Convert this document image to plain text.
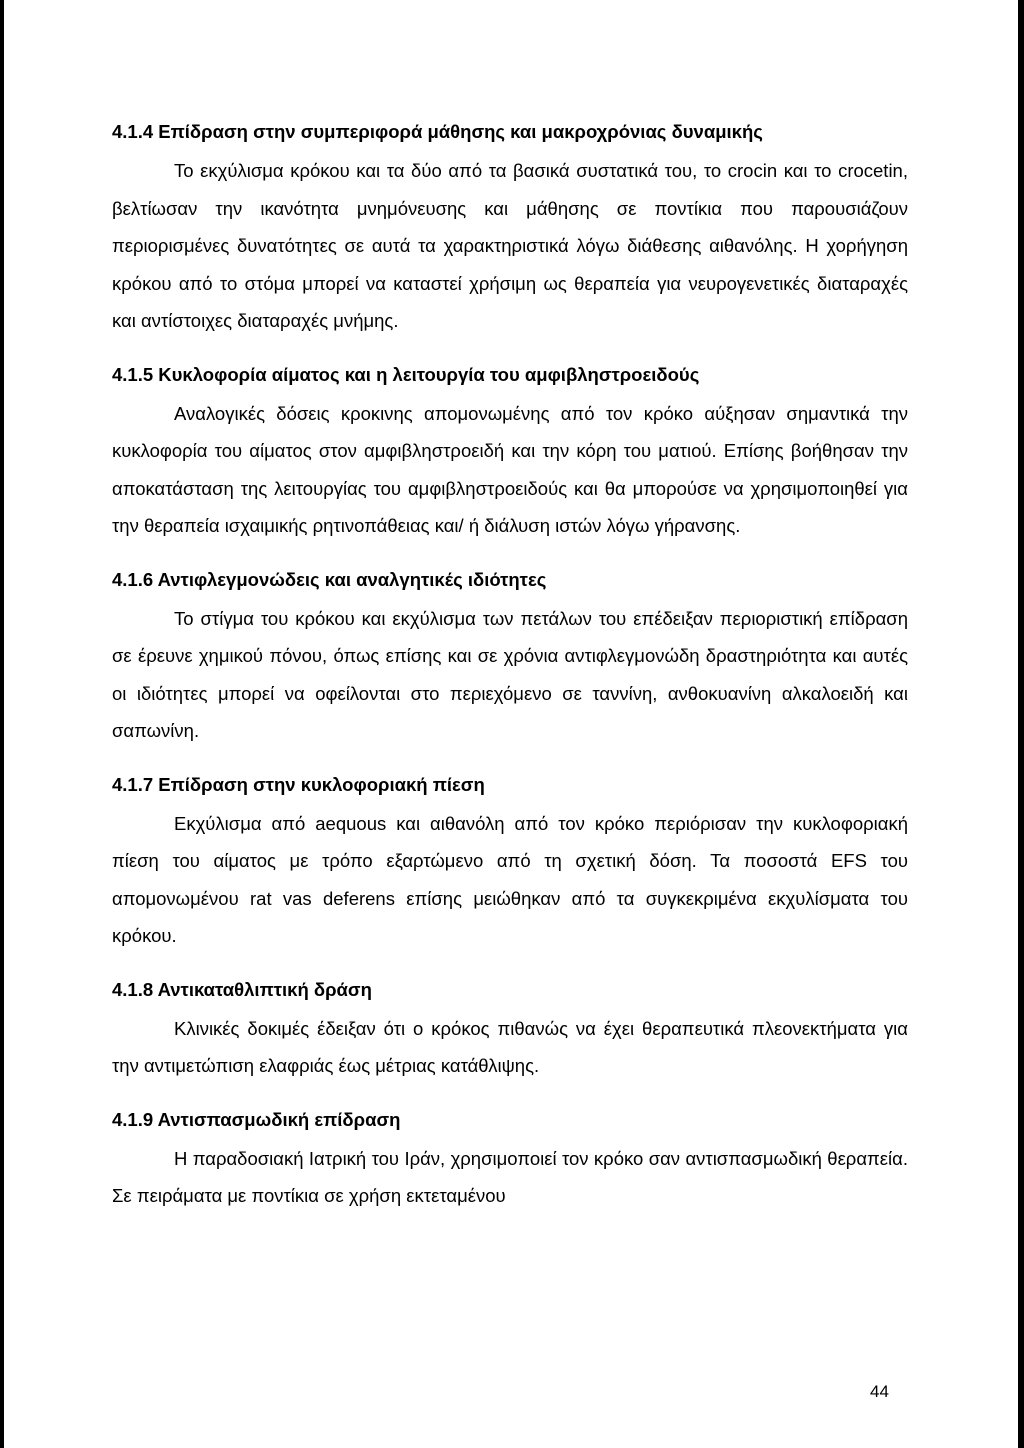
4.1.4 Επίδραση στην συμπεριφορά μάθησης και μακροχρόνιας δυναμικής

Το εκχύλισμα κρόκου και τα δύο από τα βασικά συστατικά του, το crocin και το crocetin, βελτίωσαν την ικανότητα μνημόνευσης και μάθησης σε ποντίκια που παρουσιάζουν περιορισμένες δυνατότητες σε αυτά τα χαρακτηριστικά λόγω διάθεσης αιθανόλης. Η χορήγηση κρόκου από το στόμα μπορεί να καταστεί χρήσιμη ως θεραπεία για νευρογενετικές διαταραχές και αντίστοιχες διαταραχές μνήμης.

4.1.5 Κυκλοφορία αίματος και η λειτουργία του αμφιβληστροειδούς

Αναλογικές δόσεις κροκινης απομονωμένης από τον κρόκο αύξησαν σημαντικά την κυκλοφορία του αίματος στον αμφιβληστροειδή και την κόρη του ματιού. Επίσης βοήθησαν την αποκατάσταση της λειτουργίας του αμφιβληστροειδούς και θα μπορούσε να χρησιμοποιηθεί για την θεραπεία ισχαιμικής ρητινοπάθειας και/ ή διάλυση ιστών λόγω γήρανσης.

4.1.6 Αντιφλεγμονώδεις και αναλγητικές ιδιότητες

Το στίγμα του κρόκου και εκχύλισμα των πετάλων του επέδειξαν περιοριστική επίδραση σε έρευνε χημικού πόνου, όπως επίσης και σε χρόνια αντιφλεγμονώδη δραστηριότητα και αυτές οι ιδιότητες μπορεί να οφείλονται στο περιεχόμενο σε ταννίνη, ανθοκυανίνη αλκαλοειδή και σαπωνίνη.

4.1.7 Επίδραση στην κυκλοφοριακή πίεση

Εκχύλισμα από aequous και αιθανόλη από τον κρόκο περιόρισαν την κυκλοφοριακή πίεση του αίματος με τρόπο εξαρτώμενο από τη σχετική δόση. Τα ποσοστά EFS του απομονωμένου rat vas deferens επίσης μειώθηκαν από τα συγκεκριμένα εκχυλίσματα του κρόκου.

4.1.8 Αντικαταθλιπτική δράση

Κλινικές δοκιμές έδειξαν ότι ο κρόκος πιθανώς να έχει θεραπευτικά πλεονεκτήματα για την αντιμετώπιση ελαφριάς έως μέτριας κατάθλιψης.

4.1.9 Αντισπασμωδική επίδραση

Η παραδοσιακή Ιατρική του Ιράν, χρησιμοποιεί τον κρόκο σαν αντισπασμωδική θεραπεία. Σε πειράματα με ποντίκια σε χρήση εκτεταμένου

44
